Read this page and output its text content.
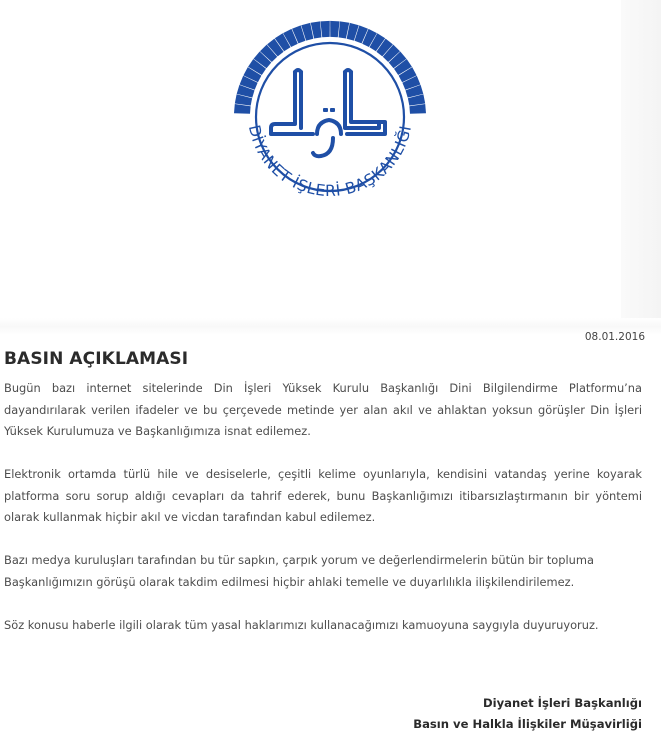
DİYANET İŞLERİ BAŞKANLIĞI
08.01.2016
BASIN AÇIKLAMASI

Bugün bazı internet sitelerinde Din İşleri Yüksek Kurulu Başkanlığı Dini Bilgilendirme Platformu’na dayandırılarak verilen ifadeler ve bu çerçevede metinde yer alan akıl ve ahlaktan yoksun görüşler Din İşleri Yüksek Kurulumuza ve Başkanlığımıza isnat edilemez.

Elektronik ortamda türlü hile ve desiselerle, çeşitli kelime oyunlarıyla, kendisini vatandaş yerine koyarak platforma soru sorup aldığı cevapları da tahrif ederek, bunu Başkanlığımızı itibarsızlaştırmanın bir yöntemi olarak kullanmak hiçbir akıl ve vicdan tarafından kabul edilemez.

Bazı medya kuruluşları tarafından bu tür sapkın, çarpık yorum ve değerlendirmelerin bütün bir topluma Başkanlığımızın görüşü olarak takdim edilmesi hiçbir ahlaki temelle ve duyarlılıkla ilişkilendirilemez.

Söz konusu haberle ilgili olarak tüm yasal haklarımızı kullanacağımızı kamuoyuna saygıyla duyuruyoruz.

Diyanet İşleri Başkanlığı
Basın ve Halkla İlişkiler Müşavirliği
